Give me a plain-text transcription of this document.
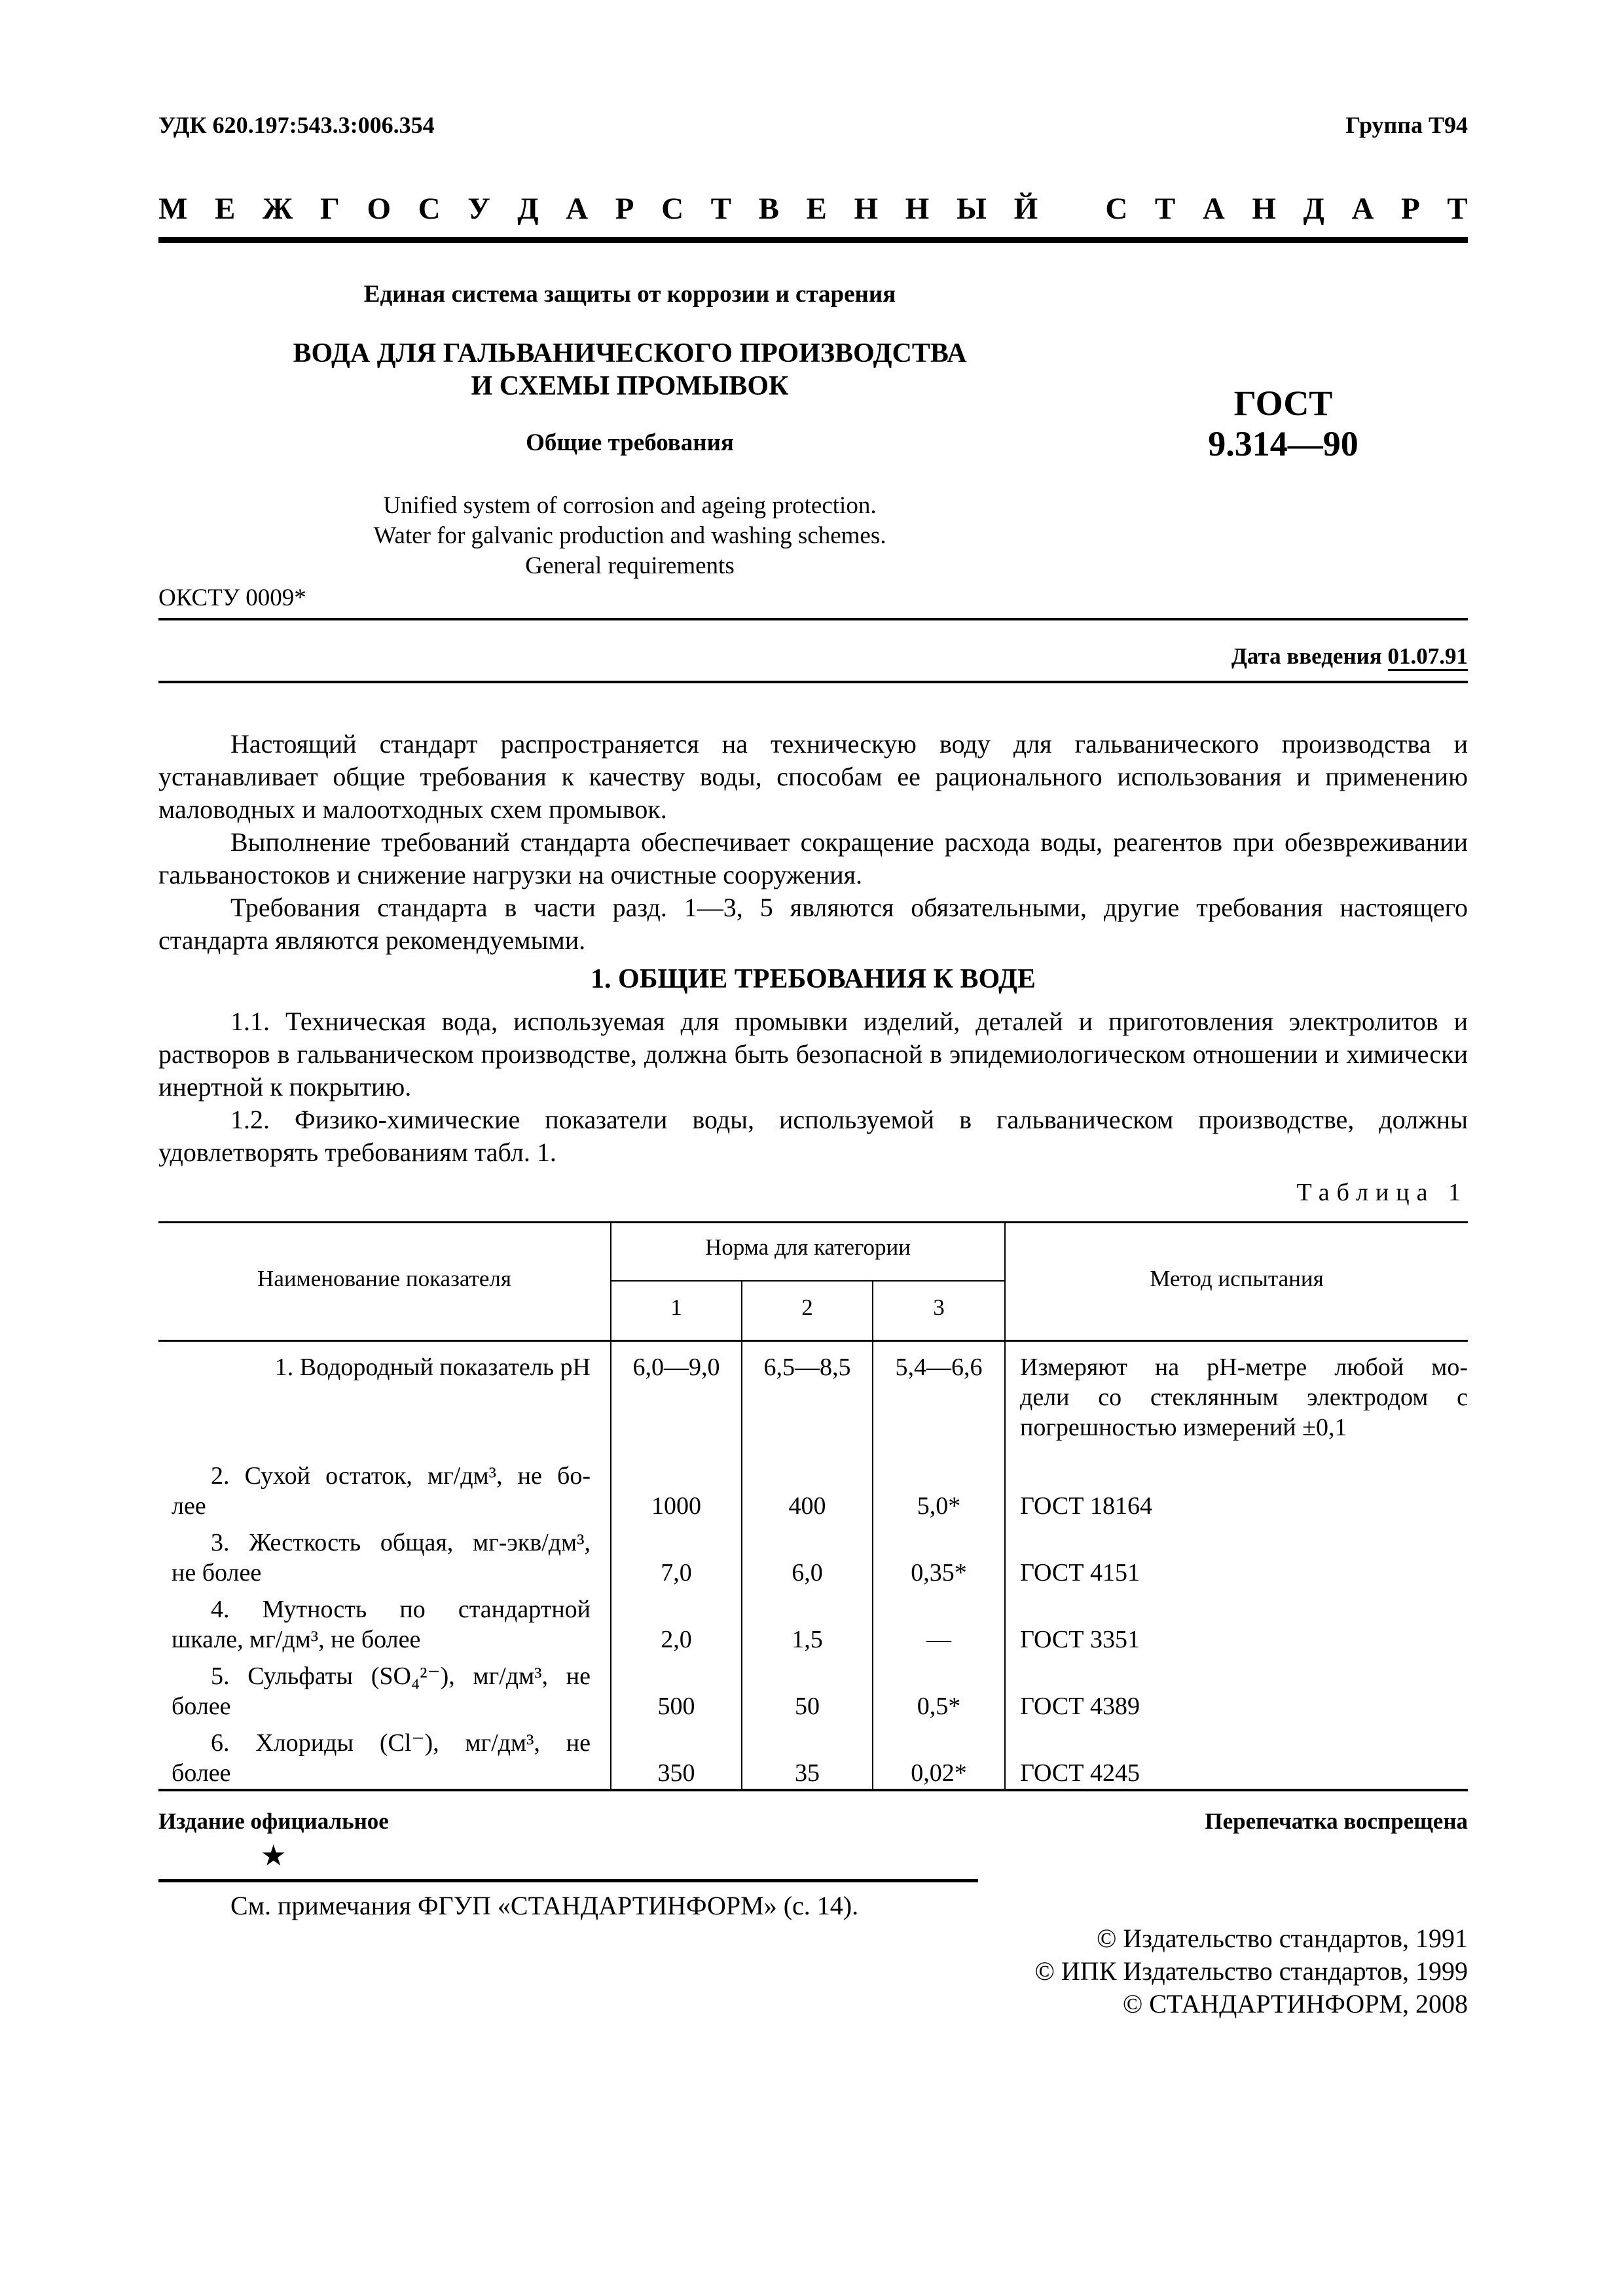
УДК 620.197:543.3:006.354	Группа Т94
М Е Ж Г О С У Д А Р С Т В Е Н Н Ы Й С Т А Н Д А Р Т
Единая система защиты от коррозии и старения
ВОДА ДЛЯ ГАЛЬВАНИЧЕСКОГО ПРОИЗВОДСТВА
И СХЕМЫ ПРОМЫВОК
Общие требования
Unified system of corrosion and ageing protection.
Water for galvanic production and washing schemes.
General requirements
ГОСТ
9.314—90
ОКСТУ 0009*
Дата введения 01.07.91
Настоящий стандарт распространяется на техническую воду для гальванического производства и устанавливает общие требования к качеству воды, способам ее рационального использования и применению маловодных и малоотходных схем промывок.
Выполнение требований стандарта обеспечивает сокращение расхода воды, реагентов при обезвреживании гальваностоков и снижение нагрузки на очистные сооружения.
Требования стандарта в части разд. 1—3, 5 являются обязательными, другие требования настоящего стандарта являются рекомендуемыми.
1. ОБЩИЕ ТРЕБОВАНИЯ К ВОДЕ
1.1. Техническая вода, используемая для промывки изделий, деталей и приготовления электролитов и растворов в гальваническом производстве, должна быть безопасной в эпидемиологическом отношении и химически инертной к покрытию.
1.2. Физико-химические показатели воды, используемой в гальваническом производстве, должны удовлетворять требованиям табл. 1.
Таблица 1
Наименование показателя
Норма для категории
1	2	3
Метод испытания
1. Водородный показатель pH	6,0—9,0	6,5—8,5	5,4—6,6	Измеряют на pH-метре любой мо-
дели со стеклянным электродом с
погрешностью измерений ±0,1
2. Сухой остаток, мг/дм³, не бо-
лее	1000	400	5,0*	ГОСТ 18164
3. Жесткость общая, мг-экв/дм³,
не более	7,0	6,0	0,35*	ГОСТ 4151
4. Мутность по стандартной
шкале, мг/дм³, не более	2,0	1,5	—	ГОСТ 3351
5. Сульфаты (SO₄²⁻), мг/дм³, не
более	500	50	0,5*	ГОСТ 4389
6. Хлориды (Cl⁻), мг/дм³, не
более	350	35	0,02*	ГОСТ 4245
Издание официальное	Перепечатка воспрещена
★
См. примечания ФГУП «СТАНДАРТИНФОРМ» (с. 14).
© Издательство стандартов, 1991
© ИПК Издательство стандартов, 1999
© СТАНДАРТИНФОРМ, 2008
